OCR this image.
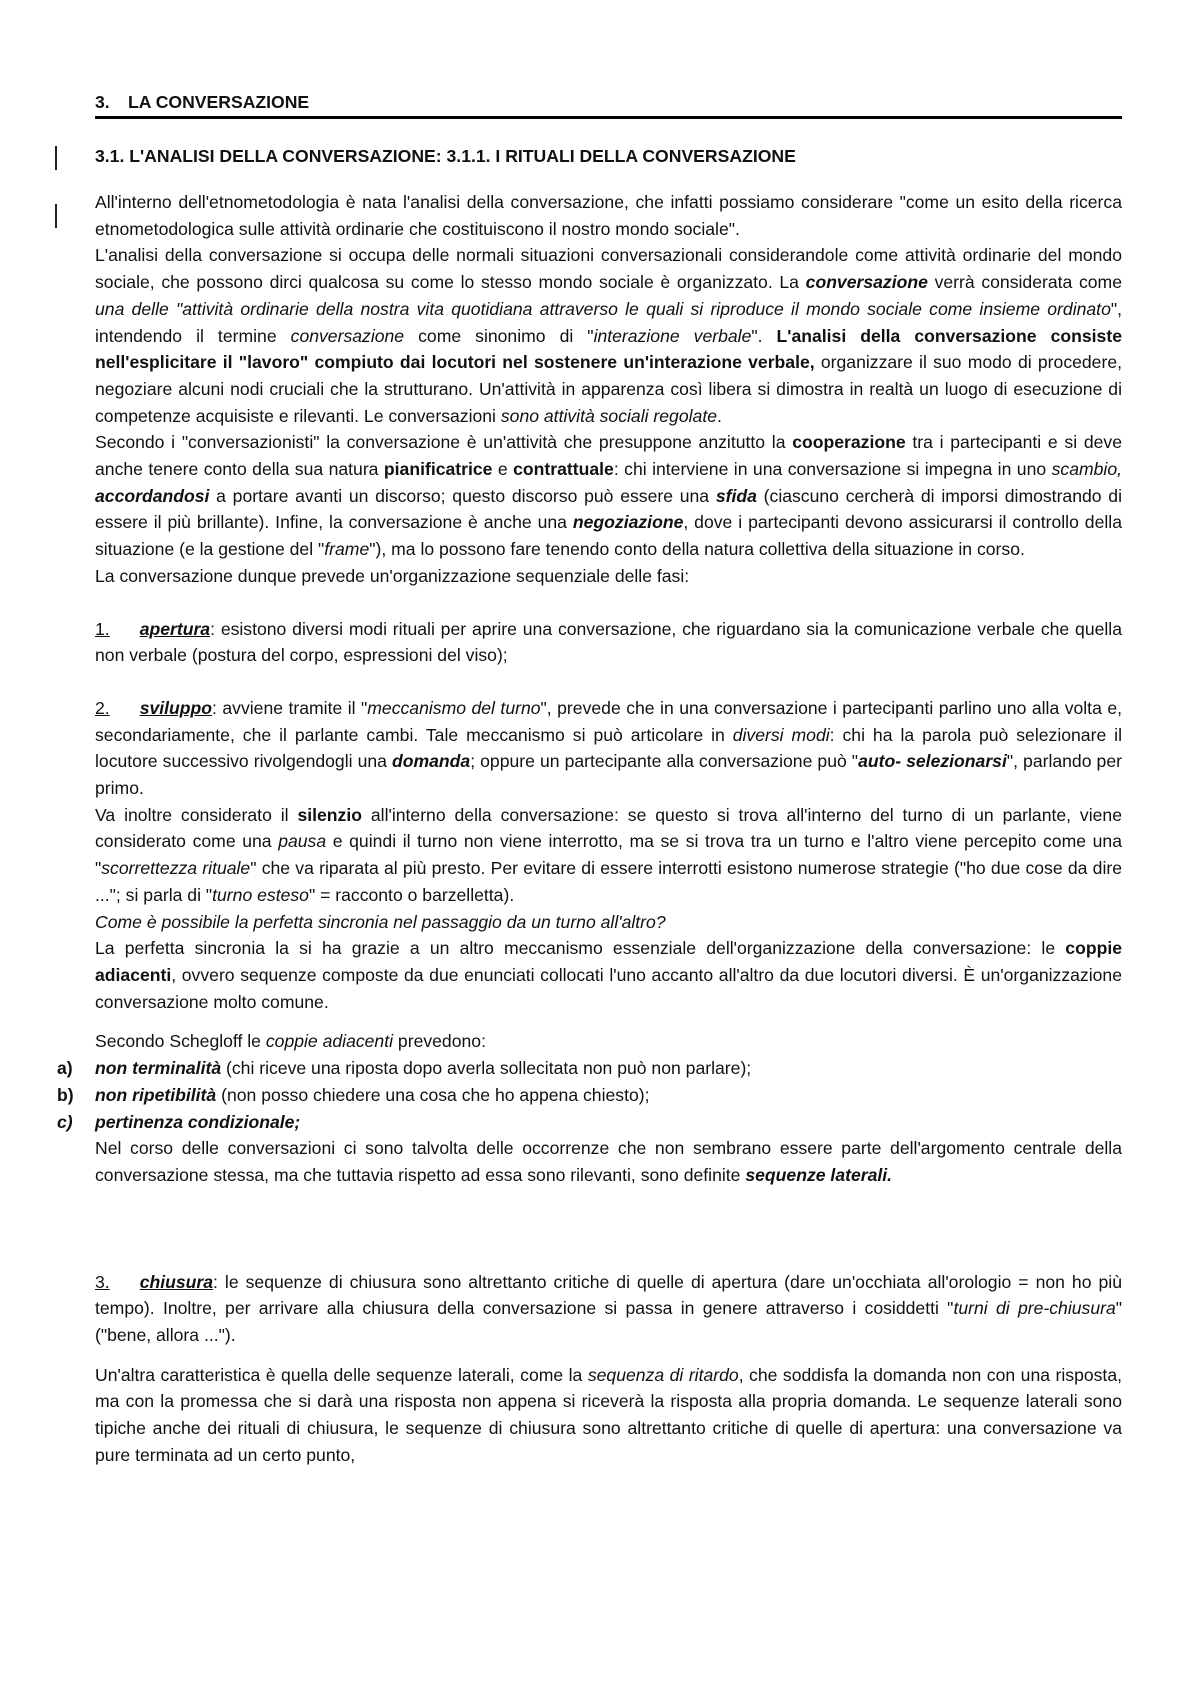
3. LA CONVERSAZIONE
3.1. L'ANALISI DELLA CONVERSAZIONE: 3.1.1. I RITUALI DELLA CONVERSAZIONE

All'interno dell'etnometodologia è nata l'analisi della conversazione, che infatti possiamo considerare "come un esito della ricerca etnometodologica sulle attività ordinarie che costituiscono il nostro mondo sociale".

L'analisi della conversazione si occupa delle normali situazioni conversazionali considerandole come attività ordinarie del mondo sociale, che possono dirci qualcosa su come lo stesso mondo sociale è organizzato. La conversazione verrà considerata come una delle "attività ordinarie della nostra vita quotidiana attraverso le quali si riproduce il mondo sociale come insieme ordinato", intendendo il termine conversazione come sinonimo di "interazione verbale". L'analisi della conversazione consiste nell'esplicitare il "lavoro" compiuto dai locutori nel sostenere un'interazione verbale, organizzare il suo modo di procedere, negoziare alcuni nodi cruciali che la strutturano. Un'attività in apparenza così libera si dimostra in realtà un luogo di esecuzione di competenze acquisiste e rilevanti. Le conversazioni sono attività sociali regolate.

Secondo i "conversazionisti" la conversazione è un'attività che presuppone anzitutto la cooperazione tra i partecipanti e si deve anche tenere conto della sua natura pianificatrice e contrattuale: chi interviene in una conversazione si impegna in uno scambio, accordandosi a portare avanti un discorso; questo discorso può essere una sfida (ciascuno cercherà di imporsi dimostrando di essere il più brillante). Infine, la conversazione è anche una negoziazione, dove i partecipanti devono assicurarsi il controllo della situazione (e la gestione del "frame"), ma lo possono fare tenendo conto della natura collettiva della situazione in corso.

La conversazione dunque prevede un'organizzazione sequenziale delle fasi:

1. apertura: esistono diversi modi rituali per aprire una conversazione, che riguardano sia la comunicazione verbale che quella non verbale (postura del corpo, espressioni del viso);

2. sviluppo: avviene tramite il "meccanismo del turno", prevede che in una conversazione i partecipanti parlino uno alla volta e, secondariamente, che il parlante cambi. Tale meccanismo si può articolare in diversi modi: chi ha la parola può selezionare il locutore successivo rivolgendogli una domanda; oppure un partecipante alla conversazione può "auto- selezionarsi", parlando per primo.

Va inoltre considerato il silenzio all'interno della conversazione: se questo si trova all'interno del turno di un parlante, viene considerato come una pausa e quindi il turno non viene interrotto, ma se si trova tra un turno e l'altro viene percepito come una "scorrettezza rituale" che va riparata al più presto. Per evitare di essere interrotti esistono numerose strategie ("ho due cose da dire ..."; si parla di "turno esteso" = racconto o barzelletta).

Come è possibile la perfetta sincronia nel passaggio da un turno all'altro?

La perfetta sincronia la si ha grazie a un altro meccanismo essenziale dell'organizzazione della conversazione: le coppie adiacenti, ovvero sequenze composte da due enunciati collocati l'uno accanto all'altro da due locutori diversi. È un'organizzazione conversazione molto comune.

Secondo Schegloff le coppie adiacenti prevedono:

a) non terminalità (chi riceve una riposta dopo averla sollecitata non può non parlare);
b) non ripetibilità (non posso chiedere una cosa che ho appena chiesto);
c) pertinenza condizionale;

Nel corso delle conversazioni ci sono talvolta delle occorrenze che non sembrano essere parte dell'argomento centrale della conversazione stessa, ma che tuttavia rispetto ad essa sono rilevanti, sono definite sequenze laterali.

3. chiusura: le sequenze di chiusura sono altrettanto critiche di quelle di apertura (dare un'occhiata all'orologio = non ho più tempo). Inoltre, per arrivare alla chiusura della conversazione si passa in genere attraverso i cosiddetti "turni di pre-chiusura" ("bene, allora ...").

Un'altra caratteristica è quella delle sequenze laterali, come la sequenza di ritardo, che soddisfa la domanda non con una risposta, ma con la promessa che si darà una risposta non appena si riceverà la risposta alla propria domanda. Le sequenze laterali sono tipiche anche dei rituali di chiusura, le sequenze di chiusura sono altrettanto critiche di quelle di apertura: una conversazione va pure terminata ad un certo punto,
